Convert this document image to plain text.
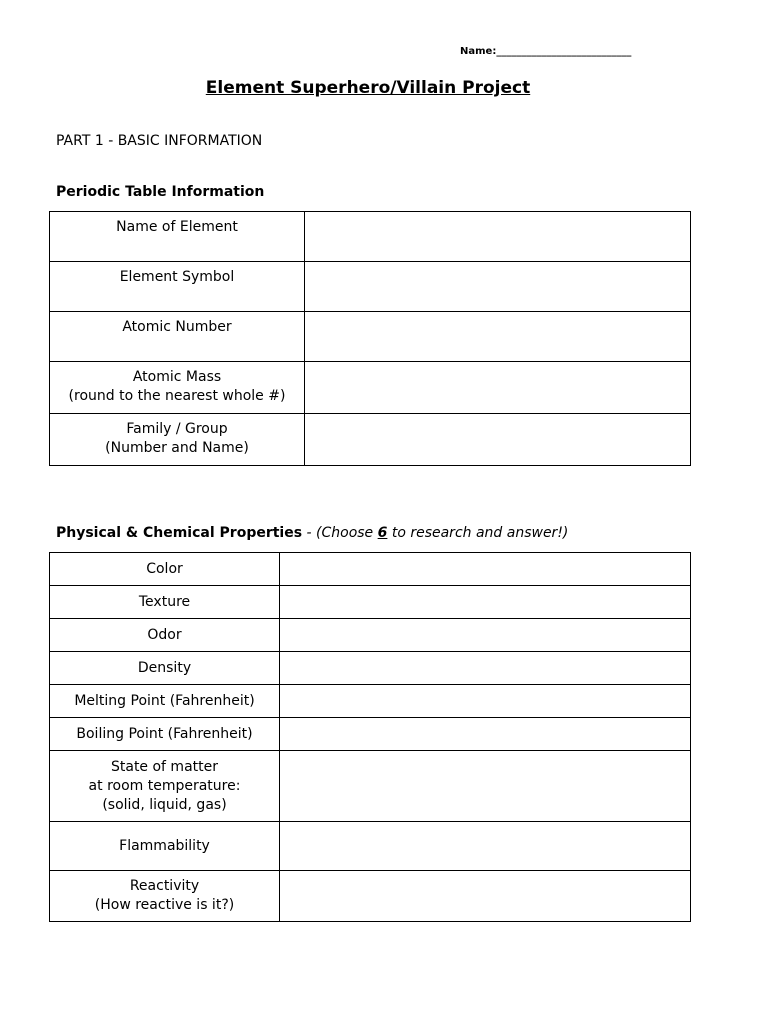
Name:___________________________
Element Superhero/Villain Project
PART 1 - BASIC INFORMATION
Periodic Table Information
Name of Element	

Element Symbol	

Atomic Number	

Atomic Mass
(round to the nearest whole #)	

Family / Group
(Number and Name)	

Physical & Chemical Properties - (Choose 6 to research and answer!)
Color	

Texture	

Odor	

Density	

Melting Point (Fahrenheit)	

Boiling Point (Fahrenheit)	

State of matter
at room temperature:
(solid, liquid, gas)	

Flammability	

Reactivity
(How reactive is it?)	
